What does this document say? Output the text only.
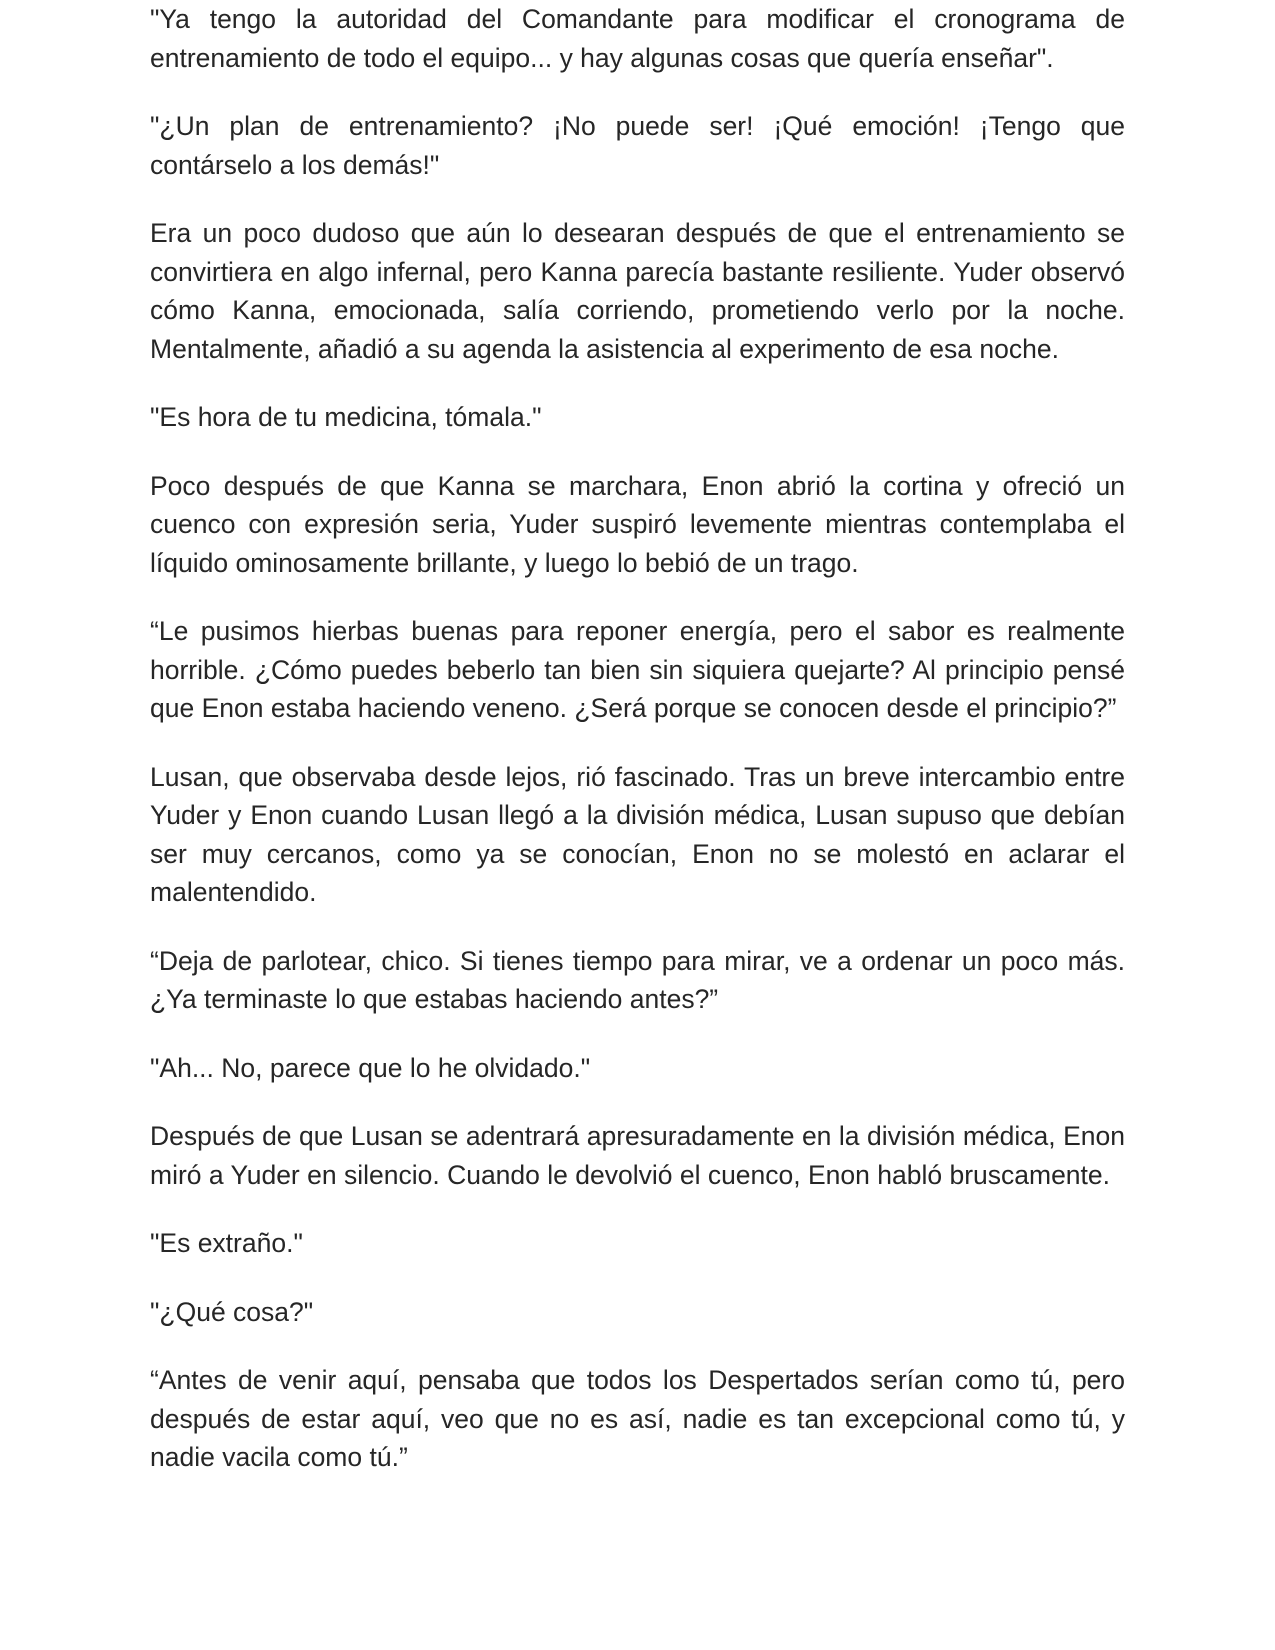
"Ya tengo la autoridad del Comandante para modificar el cronograma de entrenamiento de todo el equipo... y hay algunas cosas que quería enseñar".

"¿Un plan de entrenamiento? ¡No puede ser! ¡Qué emoción! ¡Tengo que contárselo a los demás!"

Era un poco dudoso que aún lo desearan después de que el entrenamiento se convirtiera en algo infernal, pero Kanna parecía bastante resiliente. Yuder observó cómo Kanna, emocionada, salía corriendo, prometiendo verlo por la noche. Mentalmente, añadió a su agenda la asistencia al experimento de esa noche.

"Es hora de tu medicina, tómala."

Poco después de que Kanna se marchara, Enon abrió la cortina y ofreció un cuenco con expresión seria, Yuder suspiró levemente mientras contemplaba el líquido ominosamente brillante, y luego lo bebió de un trago.

“Le pusimos hierbas buenas para reponer energía, pero el sabor es realmente horrible. ¿Cómo puedes beberlo tan bien sin siquiera quejarte? Al principio pensé que Enon estaba haciendo veneno. ¿Será porque se conocen desde el principio?”

Lusan, que observaba desde lejos, rió fascinado. Tras un breve intercambio entre Yuder y Enon cuando Lusan llegó a la división médica, Lusan supuso que debían ser muy cercanos, como ya se conocían, Enon no se molestó en aclarar el malentendido.

“Deja de parlotear, chico. Si tienes tiempo para mirar, ve a ordenar un poco más. ¿Ya terminaste lo que estabas haciendo antes?”

"Ah... No, parece que lo he olvidado."

Después de que Lusan se adentrará apresuradamente en la división médica, Enon miró a Yuder en silencio. Cuando le devolvió el cuenco, Enon habló bruscamente.

"Es extraño."

"¿Qué cosa?"

“Antes de venir aquí, pensaba que todos los Despertados serían como tú, pero después de estar aquí, veo que no es así, nadie es tan excepcional como tú, y nadie vacila como tú.”
